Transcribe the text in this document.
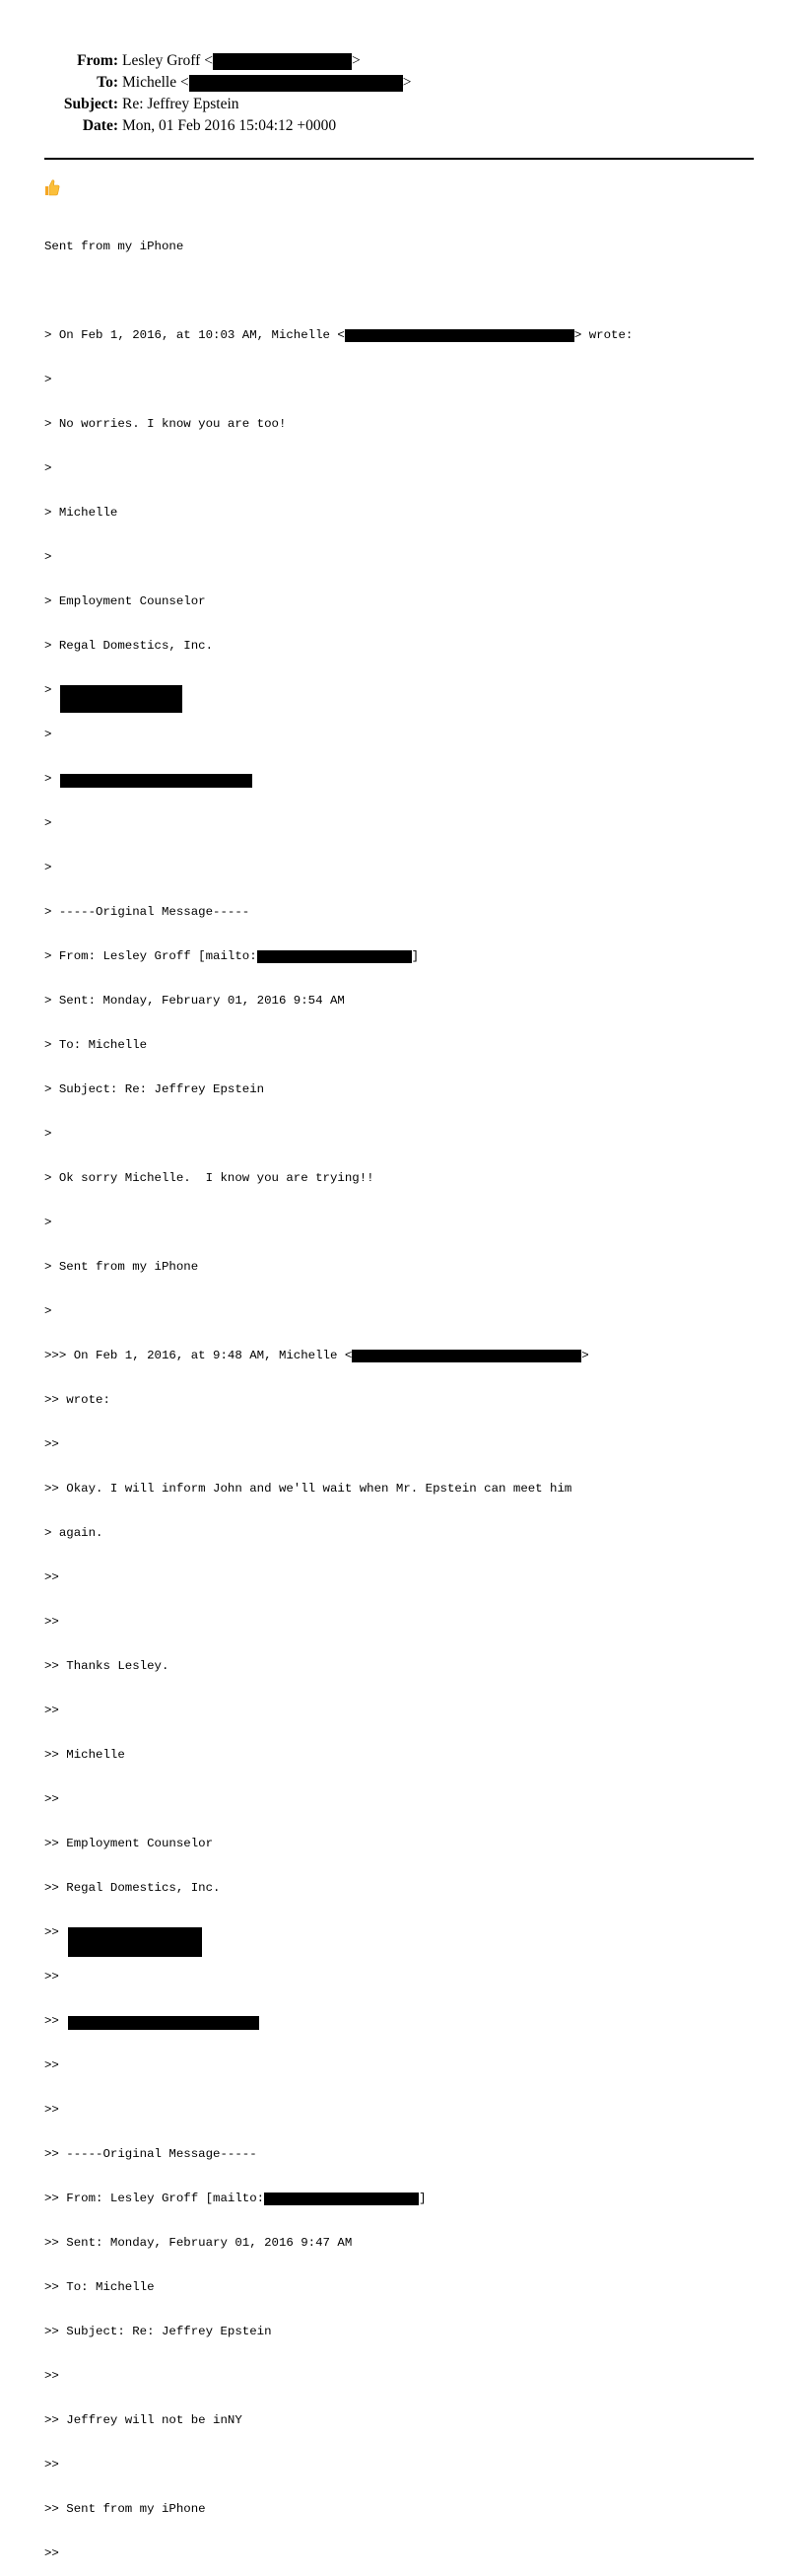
From: Lesley Groff <	>
To: Michelle <	>
Subject: Re: Jeffrey Epstein
Date: Mon, 01 Feb 2016 15:04:12 +0000

Sent from my iPhone

> On Feb 1, 2016, at 10:03 AM, Michelle <	> wrote:

>

> No worries. I know you are too!

>

> Michelle

>

> Employment Counselor

> Regal Domestics, Inc.

>

>

>

>

>

> -----Original Message-----

> From: Lesley Groff [mailto:	]

> Sent: Monday, February 01, 2016 9:54 AM

> To: Michelle

> Subject: Re: Jeffrey Epstein

>

> Ok sorry Michelle.  I know you are trying!!

>

> Sent from my iPhone

>

>>> On Feb 1, 2016, at 9:48 AM, Michelle <	>

>> wrote:

>>

>> Okay. I will inform John and we'll wait when Mr. Epstein can meet him

> again.

>>

>>

>> Thanks Lesley.

>>

>> Michelle

>>

>> Employment Counselor

>> Regal Domestics, Inc.

>>

>>

>>

>>

>>

>> -----Original Message-----

>> From: Lesley Groff [mailto:	]

>> Sent: Monday, February 01, 2016 9:47 AM

>> To: Michelle

>> Subject: Re: Jeffrey Epstein

>>

>> Jeffrey will not be inNY

>>

>> Sent from my iPhone

>>
